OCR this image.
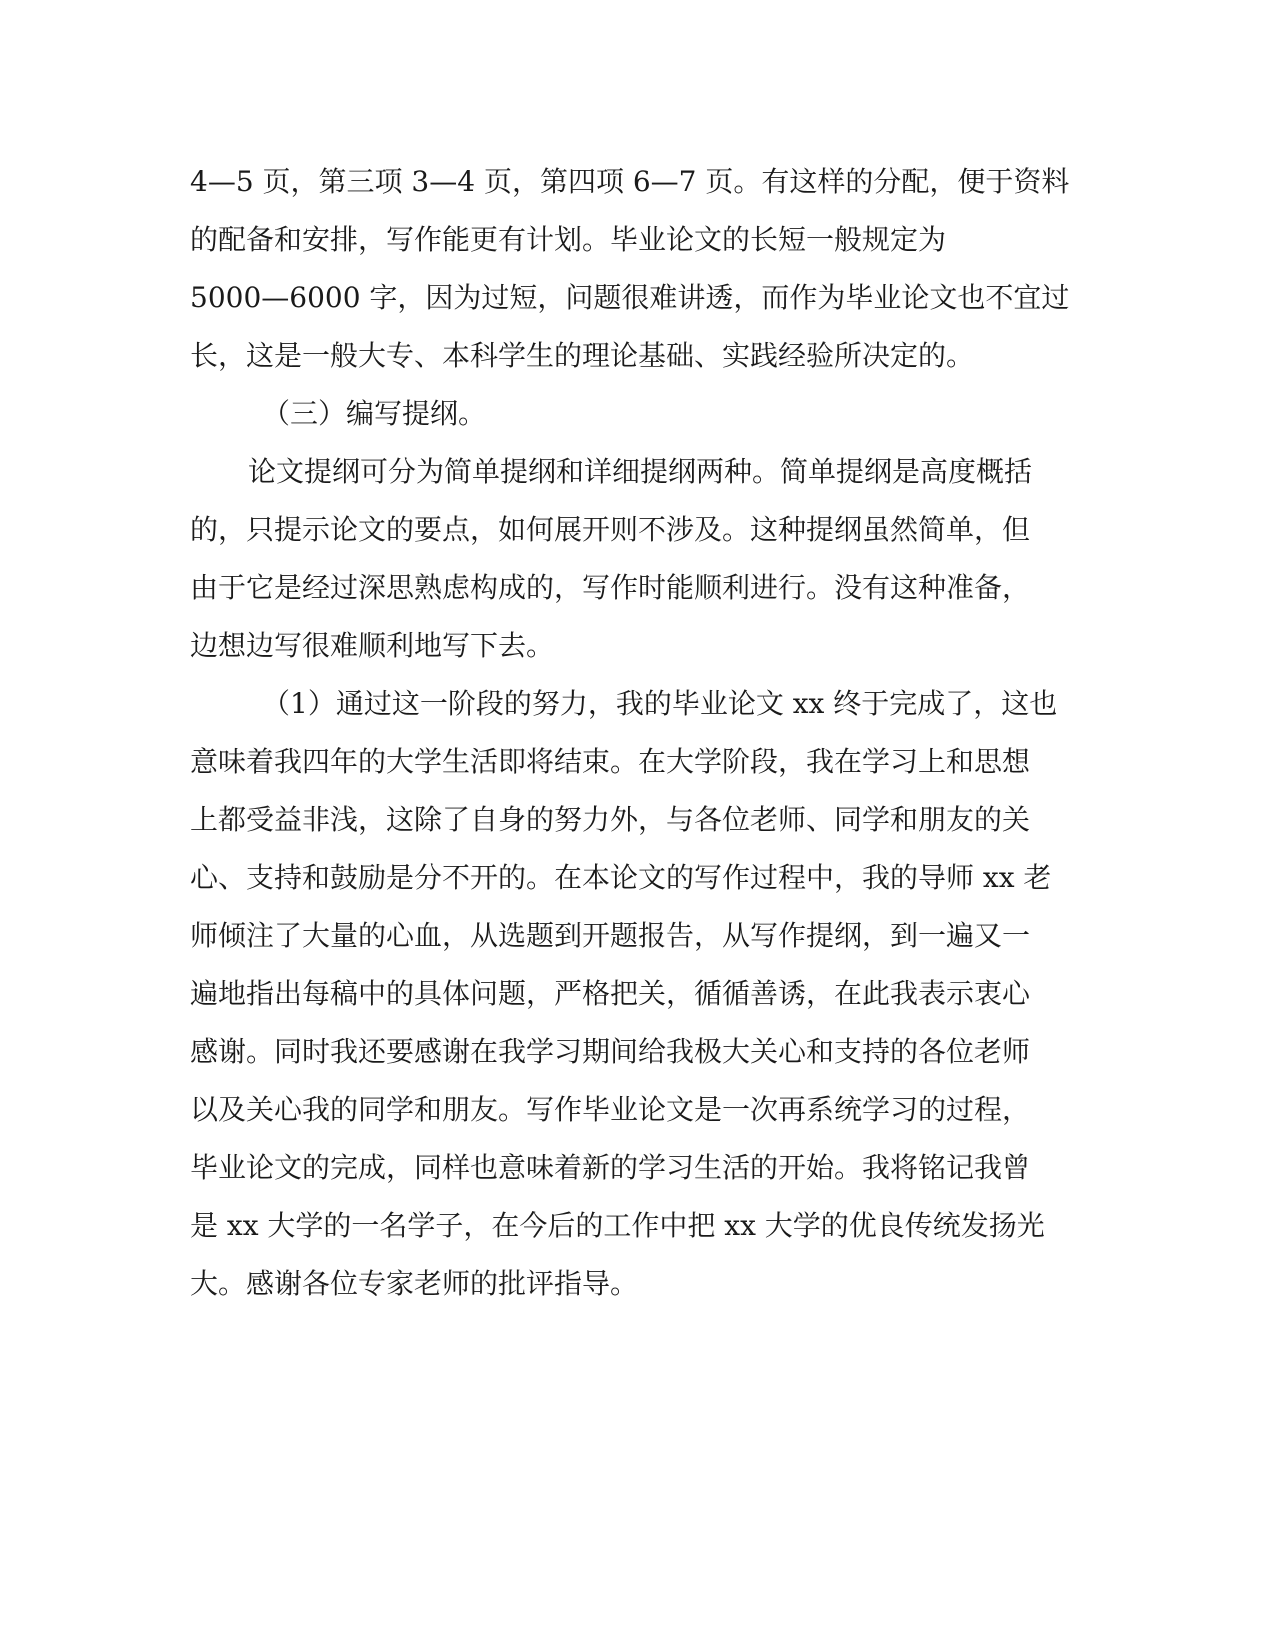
4—5 页，第三项 3—4 页，第四项 6—7 页。有这样的分配，便于资料
的配备和安排，写作能更有计划。毕业论文的长短一般规定为
5000—6000 字，因为过短，问题很难讲透，而作为毕业论文也不宜过
长，这是一般大专、本科学生的理论基础、实践经验所决定的。
（三）编写提纲。
论文提纲可分为简单提纲和详细提纲两种。简单提纲是高度概括
的，只提示论文的要点，如何展开则不涉及。这种提纲虽然简单，但
由于它是经过深思熟虑构成的，写作时能顺利进行。没有这种准备，
边想边写很难顺利地写下去。
（1）通过这一阶段的努力，我的毕业论文 xx 终于完成了，这也
意味着我四年的大学生活即将结束。在大学阶段，我在学习上和思想
上都受益非浅，这除了自身的努力外，与各位老师、同学和朋友的关
心、支持和鼓励是分不开的。在本论文的写作过程中，我的导师 xx 老
师倾注了大量的心血，从选题到开题报告，从写作提纲，到一遍又一
遍地指出每稿中的具体问题，严格把关，循循善诱，在此我表示衷心
感谢。同时我还要感谢在我学习期间给我极大关心和支持的各位老师
以及关心我的同学和朋友。写作毕业论文是一次再系统学习的过程，
毕业论文的完成，同样也意味着新的学习生活的开始。我将铭记我曾
是 xx 大学的一名学子，在今后的工作中把 xx 大学的优良传统发扬光
大。感谢各位专家老师的批评指导。
